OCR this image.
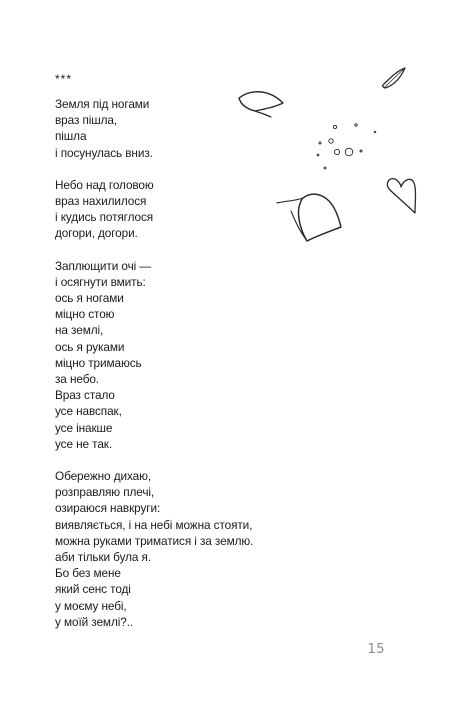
***
Земля під ногами
враз пішла,
пішла
і посунулась вниз.
Небо над головою
враз нахилилося
і кудись потяглося
догори, догори.
Заплющити очі —
і осягнути вмить:
ось я ногами
міцно стою
на землі,
ось я руками
міцно тримаюсь
за небо.
Враз стало
усе навспак,
усе інакше
усе не так.
Обережно дихаю,
розправляю плечі,
озираюся навкруги:
виявляється, і на небі можна стояти,
можна руками триматися і за землю.
аби тільки була я.
Бо без мене
який сенс тоді
у моєму небі,
у моїй землі?..
15
